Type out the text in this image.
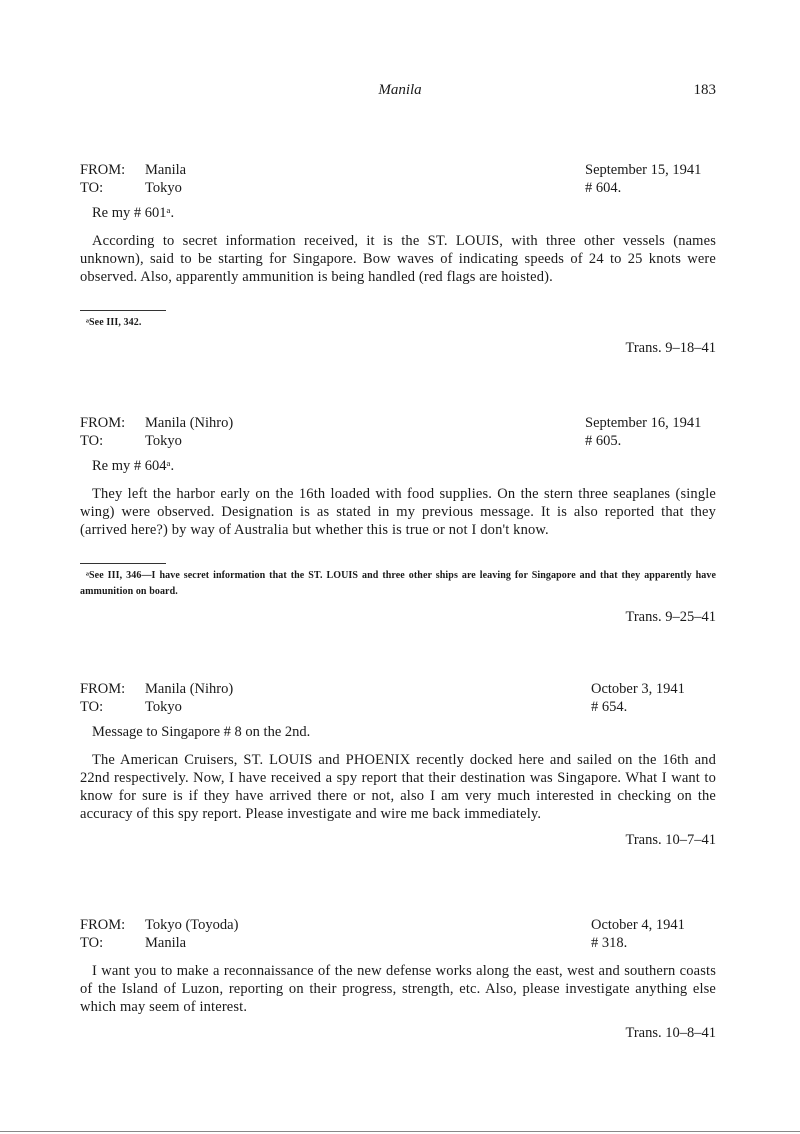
Manila	183
FROM: Manila	September 15, 1941
TO:	Tokyo	# 604.
Re my # 601ᵃ.
According to secret information received, it is the ST. LOUIS, with three other vessels (names unknown), said to be starting for Singapore. Bow waves of indicating speeds of 24 to 25 knots were observed. Also, apparently ammunition is being handled (red flags are hoisted).
ᵃSee III, 342.
Trans. 9–18–41
FROM: Manila (Nihro)	September 16, 1941
TO:	Tokyo	# 605.
Re my # 604ᵃ.
They left the harbor early on the 16th loaded with food supplies. On the stern three seaplanes (single wing) were observed. Designation is as stated in my previous message. It is also reported that they (arrived here?) by way of Australia but whether this is true or not I don't know.
ᵃSee III, 346—I have secret information that the ST. LOUIS and three other ships are leaving for Singapore and that they apparently have ammunition on board.
Trans. 9–25–41
FROM: Manila (Nihro)	October 3, 1941
TO:	Tokyo	# 654.
Message to Singapore # 8 on the 2nd.
The American Cruisers, ST. LOUIS and PHOENIX recently docked here and sailed on the 16th and 22nd respectively. Now, I have received a spy report that their destination was Singapore. What I want to know for sure is if they have arrived there or not, also I am very much interested in checking on the accuracy of this spy report. Please investigate and wire me back immediately.
Trans. 10–7–41
FROM: Tokyo (Toyoda)	October 4, 1941
TO:	Manila	# 318.
I want you to make a reconnaissance of the new defense works along the east, west and southern coasts of the Island of Luzon, reporting on their progress, strength, etc. Also, please investigate anything else which may seem of interest.
Trans. 10–8–41
